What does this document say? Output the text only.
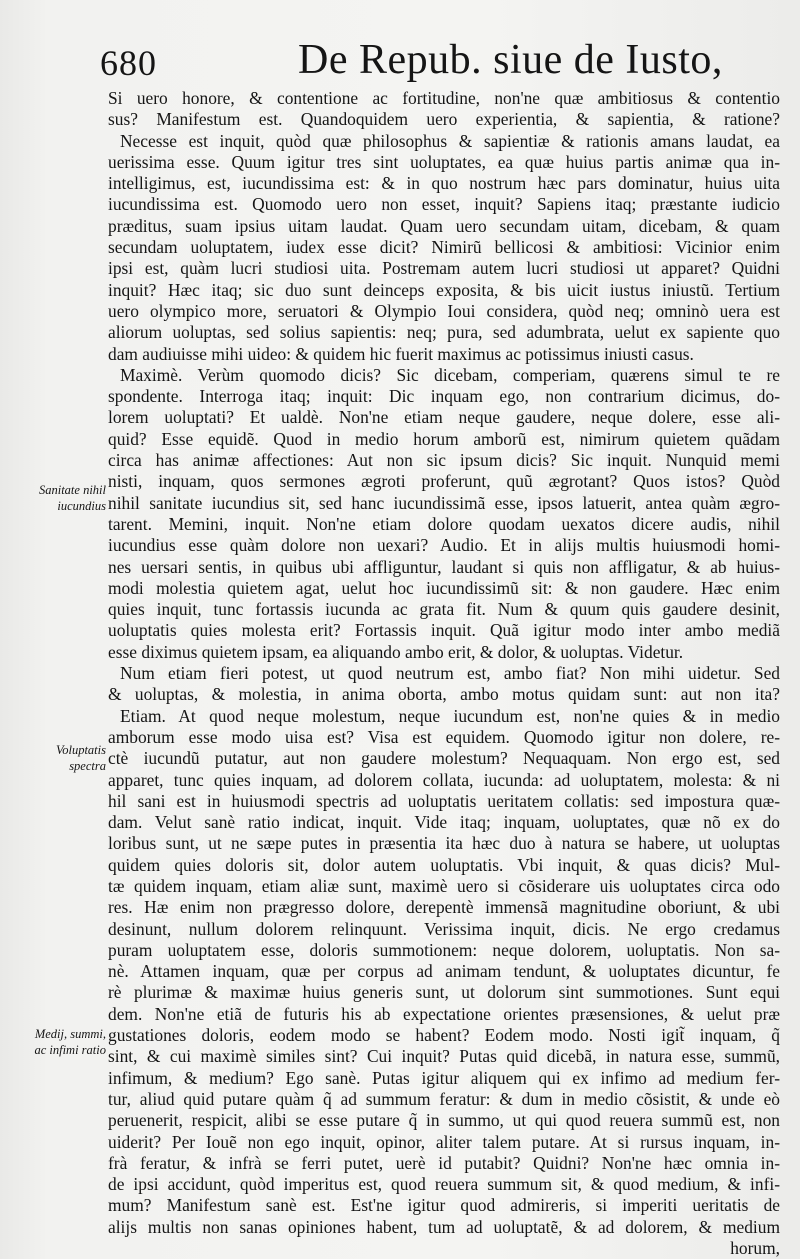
680	De Repub. siue de Iusto,
Si uero honore, & contentione ac fortitudine, non'ne quæ ambitiosus & contentio
sus? Manifestum est. Quandoquidem uero experientia, & sapientia, & ratione?
Necesse est inquit, quòd quæ philosophus & sapientiæ & rationis amans laudat, ea
uerissima esse. Quum igitur tres sint uoluptates, ea quæ huius partis animæ qua in-
intelligimus, est, iucundissima est: & in quo nostrum hæc pars dominatur, huius uita
iucundissima est. Quomodo uero non esset, inquit? Sapiens itaq; præstante iudicio
præditus, suam ipsius uitam laudat. Quam uero secundam uitam, dicebam, & quam
secundam uoluptatem, iudex esse dicit? Nimirũ bellicosi & ambitiosi: Vicinior enim
ipsi est, quàm lucri studiosi uita. Postremam autem lucri studiosi ut apparet? Quidni
inquit? Hæc itaq; sic duo sunt deinceps exposita, & bis uicit iustus iniustũ. Tertium
uero olympico more, seruatori & Olympio Ioui considera, quòd neq; omninò uera est
aliorum uoluptas, sed solius sapientis: neq; pura, sed adumbrata, uelut ex sapiente quo
dam audiuisse mihi uideo: & quidem hic fuerit maximus ac potissimus iniusti casus.
Maximè. Verùm quomodo dicis? Sic dicebam, comperiam, quærens simul te re
spondente. Interroga itaq; inquit: Dic inquam ego, non contrarium dicimus, do-
lorem uoluptati? Et ualdè. Non'ne etiam neque gaudere, neque dolere, esse ali-
quid? Esse equidẽ. Quod in medio horum amborũ est, nimirum quietem quãdam
circa has animæ affectiones: Aut non sic ipsum dicis? Sic inquit. Nunquid memi
nisti, inquam, quos sermones ægroti proferunt, quũ ægrotant? Quos istos? Quòd
nihil sanitate iucundius sit, sed hanc iucundissimã esse, ipsos latuerit, antea quàm ægro-
tarent. Memini, inquit. Non'ne etiam dolore quodam uexatos dicere audis, nihil
iucundius esse quàm dolore non uexari? Audio. Et in alijs multis huiusmodi homi-
nes uersari sentis, in quibus ubi affliguntur, laudant si quis non affligatur, & ab huius-
modi molestia quietem agat, uelut hoc iucundissimũ sit: & non gaudere. Hæc enim
quies inquit, tunc fortassis iucunda ac grata fit. Num & quum quis gaudere desinit,
uoluptatis quies molesta erit? Fortassis inquit. Quã igitur modo inter ambo mediã
esse diximus quietem ipsam, ea aliquando ambo erit, & dolor, & uoluptas. Videtur.
Num etiam fieri potest, ut quod neutrum est, ambo fiat? Non mihi uidetur. Sed
& uoluptas, & molestia, in anima oborta, ambo motus quidam sunt: aut non ita?
Etiam. At quod neque molestum, neque iucundum est, non'ne quies & in medio
amborum esse modo uisa est? Visa est equidem. Quomodo igitur non dolere, re-
ctè iucundũ putatur, aut non gaudere molestum? Nequaquam. Non ergo est, sed
apparet, tunc quies inquam, ad dolorem collata, iucunda: ad uoluptatem, molesta: & ni
hil sani est in huiusmodi spectris ad uoluptatis ueritatem collatis: sed impostura quæ-
dam. Velut sanè ratio indicat, inquit. Vide itaq; inquam, uoluptates, quæ nõ ex do
loribus sunt, ut ne sæpe putes in præsentia ita hæc duo à natura se habere, ut uoluptas
quidem quies doloris sit, dolor autem uoluptatis. Vbi inquit, & quas dicis? Mul-
tæ quidem inquam, etiam aliæ sunt, maximè uero si cõsiderare uis uoluptates circa odo
res. Hæ enim non prægresso dolore, derepentè immensã magnitudine oboriunt, & ubi
desinunt, nullum dolorem relinquunt. Verissima inquit, dicis. Ne ergo credamus
puram uoluptatem esse, doloris summotionem: neque dolorem, uoluptatis. Non sa-
nè. Attamen inquam, quæ per corpus ad animam tendunt, & uoluptates dicuntur, fe
rè plurimæ & maximæ huius generis sunt, ut dolorum sint summotiones. Sunt equi
dem. Non'ne etiã de futuris his ab expectatione orientes præsensiones, & uelut præ
gustationes doloris, eodem modo se habent? Eodem modo. Nosti igit̃ inquam, q̃
sint, & cui maximè similes sint? Cui inquit? Putas quid dicebã, in natura esse, summũ,
infimum, & medium? Ego sanè. Putas igitur aliquem qui ex infimo ad medium fer-
tur, aliud quid putare quàm q̃ ad summum feratur: & dum in medio cõsistit, & unde eò
peruenerit, respicit, alibi se esse putare q̃ in summo, ut qui quod reuera summũ est, non
uiderit? Per Iouẽ non ego inquit, opinor, aliter talem putare. At si rursus inquam, in-
frà feratur, & infrà se ferri putet, uerè id putabit? Quidni? Non'ne hæc omnia in-
de ipsi accidunt, quòd imperitus est, quod reuera summum sit, & quod medium, & infi-
mum? Manifestum sanè est. Est'ne igitur quod admireris, si imperiti ueritatis de
alijs multis non sanas opiniones habent, tum ad uoluptatẽ, & ad dolorem, & medium
horum,
Sanitate nihil
iucundius
Voluptatis
spectra
Medij, summi,
ac infimi ratio
